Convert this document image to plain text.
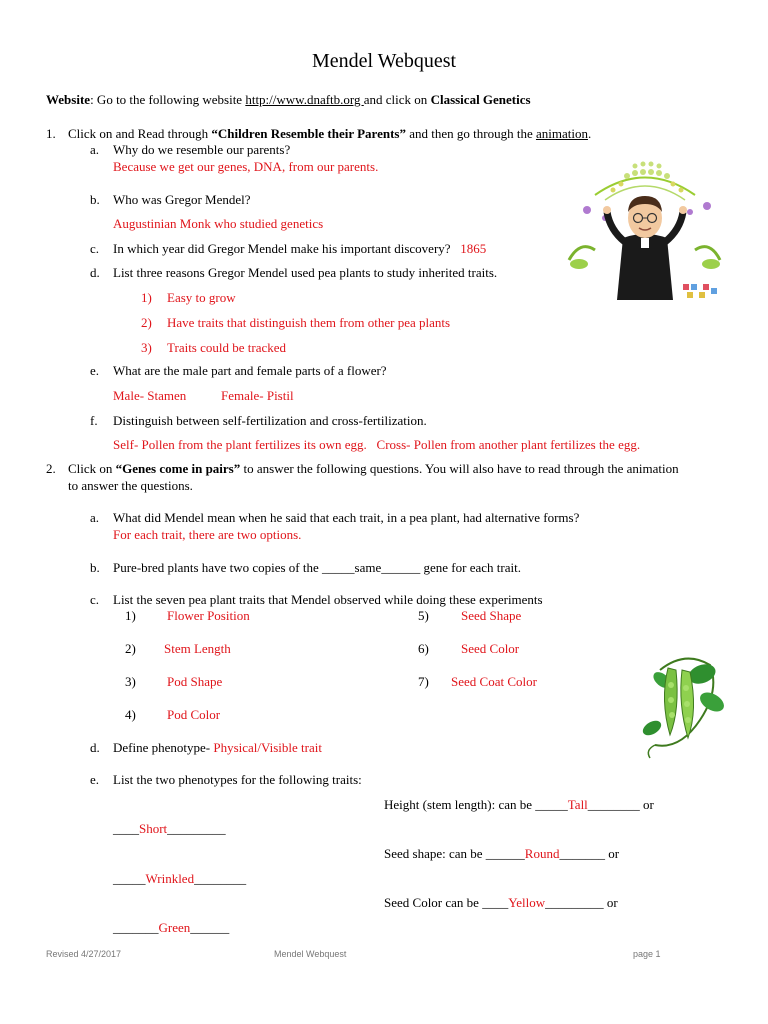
Mendel Webquest
Website: Go to the following website http://www.dnaftb.org and click on Classical Genetics
1. Click on and Read through “Children Resemble their Parents” and then go through the animation.
a. Why do we resemble our parents?
Because we get our genes, DNA, from our parents.
b. Who was Gregor Mendel?
Augustinian Monk who studied genetics
c. In which year did Gregor Mendel make his important discovery? 1865
d. List three reasons Gregor Mendel used pea plants to study inherited traits.
1) Easy to grow
2) Have traits that distinguish them from other pea plants
3) Traits could be tracked
e. What are the male part and female parts of a flower?
Male- Stamen	Female- Pistil
f. Distinguish between self-fertilization and cross-fertilization.
Self- Pollen from the plant fertilizes its own egg.   Cross- Pollen from another plant fertilizes the egg.
2. Click on “Genes come in pairs” to answer the following questions. You will also have to read through the animation
to answer the questions.
a. What did Mendel mean when he said that each trait, in a pea plant, had alternative forms?
For each trait, there are two options.
b. Pure-bred plants have two copies of the _____same______ gene for each trait.
c. List the seven pea plant traits that Mendel observed while doing these experiments
1) Flower Position
2) Stem Length
3) Pod Shape
4) Pod Color
5) Seed Shape
6) Seed Color
7) Seed Coat Color
d. Define phenotype- Physical/Visible trait
e. List the two phenotypes for the following traits:
Height (stem length): can be _____Tall________ or
____Short_________
Seed shape: can be ______Round_______ or
_____Wrinkled________
Seed Color can be ____Yellow_________ or
_______Green______
Revised 4/27/2017	Mendel Webquest	page 1
